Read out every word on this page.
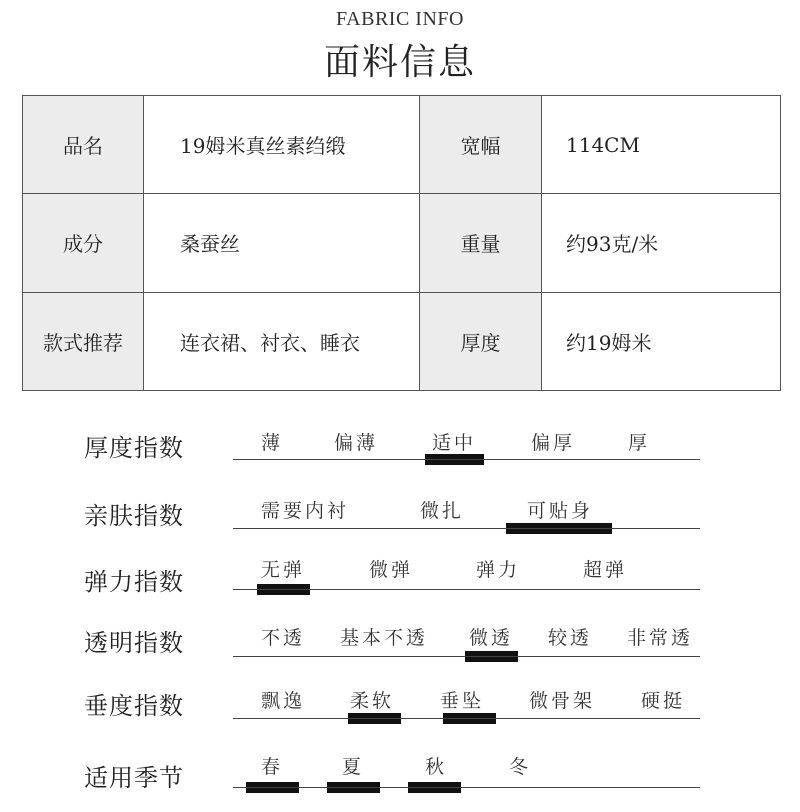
FABRIC INFO
面料信息
品名	19姆米真丝素绉缎	宽幅	114CM
成分	桑蚕丝	重量	约93克/米
款式推荐	连衣裙、衬衣、睡衣	厚度	约19姆米
厚度指数	薄	偏薄	适中	偏厚	厚
亲肤指数	需要内衬	微扎	可贴身
弹力指数	无弹	微弹	弹力	超弹
透明指数	不透 基本不透 微透 较透 非常透
垂度指数	飘逸 柔软 垂坠 微骨架 硬挺
适用季节	春	夏	秋	冬
